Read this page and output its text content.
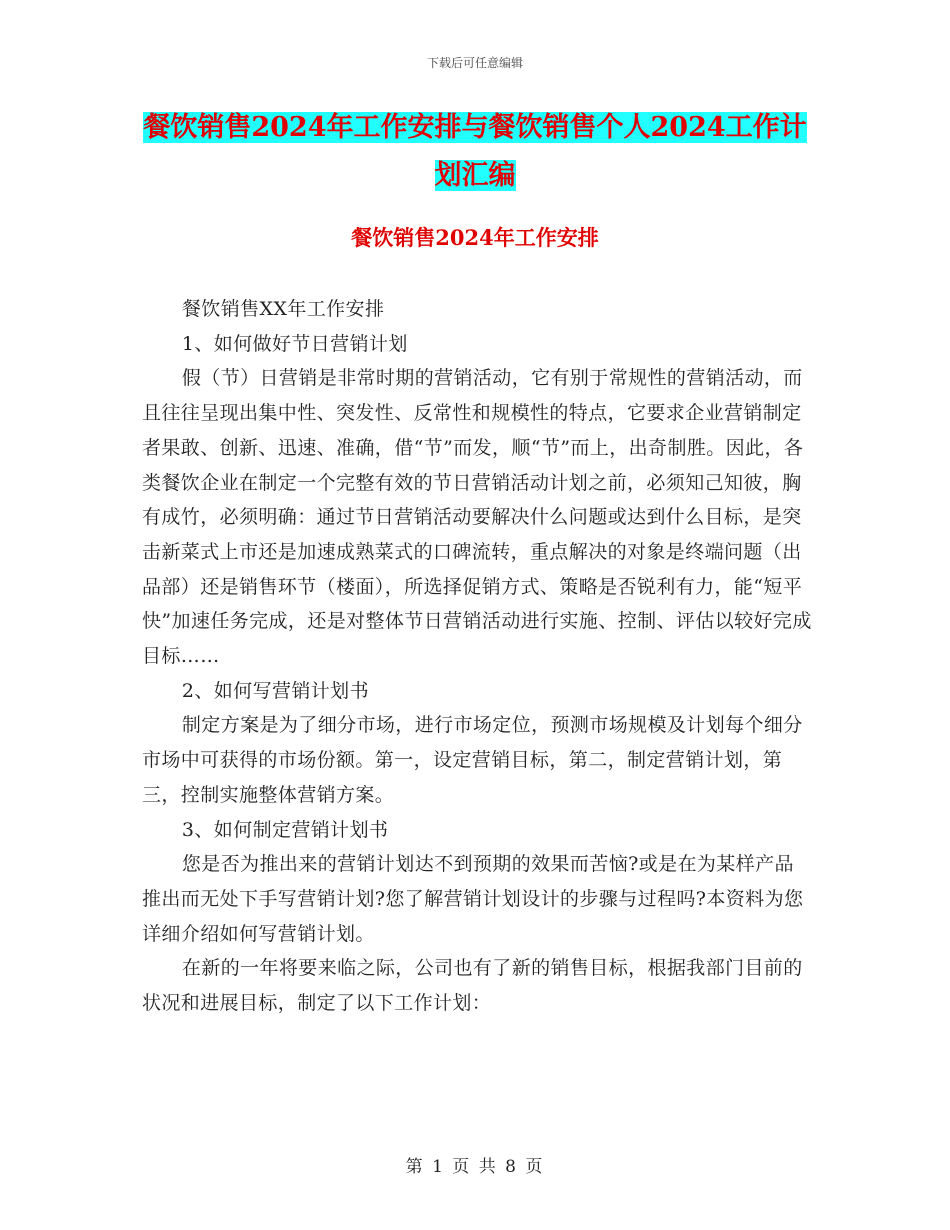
下载后可任意编辑
餐饮销售2024年工作安排与餐饮销售个人2024工作计划汇编
餐饮销售2024年工作安排

餐饮销售XX年工作安排

1、如何做好节日营销计划

假（节）日营销是非常时期的营销活动，它有别于常规性的营销活动，而且往往呈现出集中性、突发性、反常性和规模性的特点，它要求企业营销制定者果敢、创新、迅速、准确，借“节”而发，顺“节”而上，出奇制胜。因此，各类餐饮企业在制定一个完整有效的节日营销活动计划之前，必须知己知彼，胸有成竹，必须明确：通过节日营销活动要解决什么问题或达到什么目标，是突击新菜式上市还是加速成熟菜式的口碑流转，重点解决的对象是终端问题（出品部）还是销售环节（楼面），所选择促销方式、策略是否锐利有力，能“短平快”加速任务完成，还是对整体节日营销活动进行实施、控制、评估以较好完成目标……

2、如何写营销计划书

制定方案是为了细分市场，进行市场定位，预测市场规模及计划每个细分市场中可获得的市场份额。第一，设定营销目标，第二，制定营销计划，第三，控制实施整体营销方案。

3、如何制定营销计划书

您是否为推出来的营销计划达不到预期的效果而苦恼?或是在为某样产品推出而无处下手写营销计划?您了解营销计划设计的步骤与过程吗?本资料为您详细介绍如何写营销计划。

在新的一年将要来临之际，公司也有了新的销售目标，根据我部门目前的状况和进展目标，制定了以下工作计划：

第 1 页 共 8 页
